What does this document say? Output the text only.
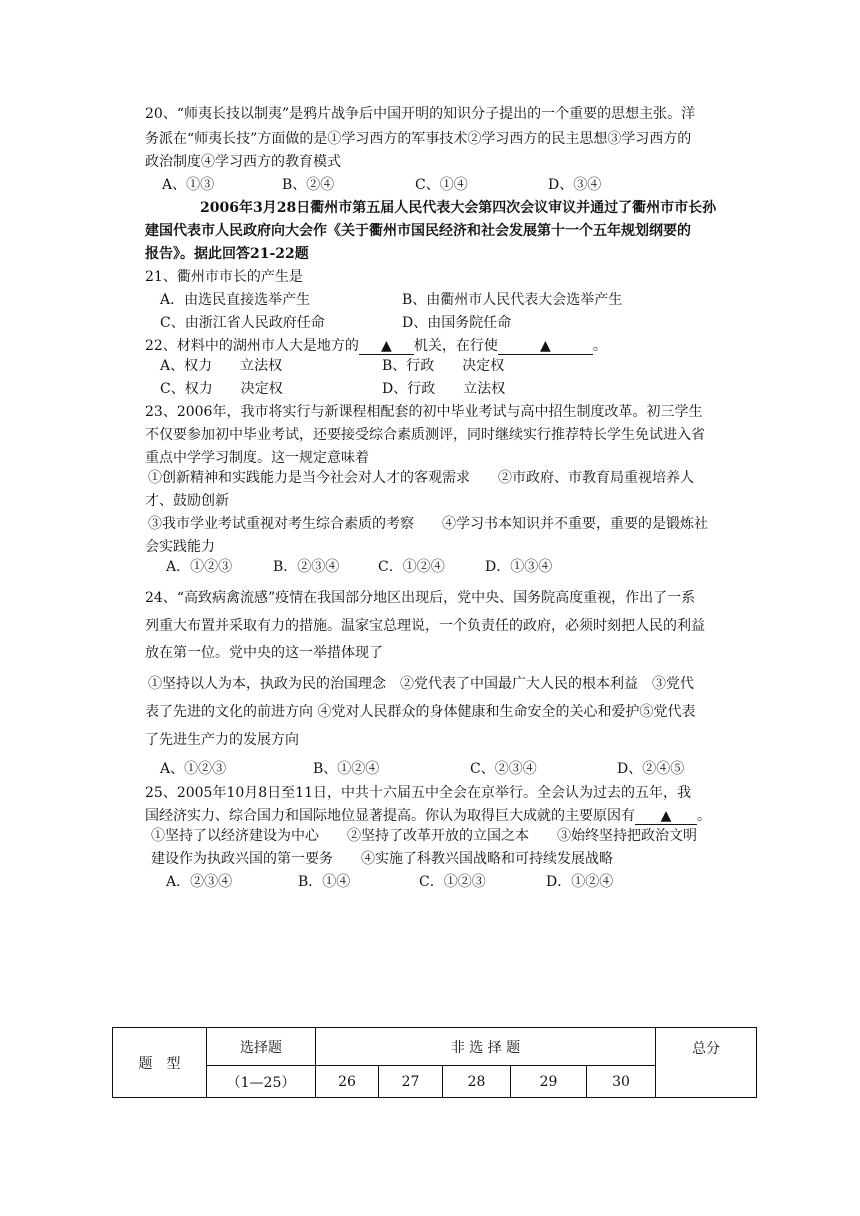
20、“师夷长技以制夷”是鸦片战争后中国开明的知识分子提出的一个重要的思想主张。洋
务派在“师夷长技”方面做的是①学习西方的军事技术②学习西方的民主思想③学习西方的
政治制度④学习西方的教育模式
A、①③	B、②④	C、①④	D、③④
2006年3月28日衢州市第五届人民代表大会第四次会议审议并通过了衢州市市长孙
建国代表市人民政府向大会作《关于衢州市国民经济和社会发展第十一个五年规划纲要的
报告》。据此回答21-22题
21、衢州市市长的产生是
A．由选民直接选举产生	B、由衢州市人民代表大会选举产生
C、由浙江省人民政府任命	D、由国务院任命
22、材料中的湖州市人大是地方的 ▲ 机关，在行使	▲	。
A、权力　　立法权	B、行政　　决定权
C、权力　　决定权	D、行政　　立法权
23、2006年，我市将实行与新课程相配套的初中毕业考试与高中招生制度改革。初三学生
不仅要参加初中毕业考试，还要接受综合素质测评，同时继续实行推荐特长学生免试进入省
重点中学学习制度。这一规定意味着
①创新精神和实践能力是当今社会对人才的客观需求　　②市政府、市教育局重视培养人
才、鼓励创新
③我市学业考试重视对考生综合素质的考察　　④学习书本知识并不重要，重要的是锻炼社
会实践能力
A．①②③	B．②③④	C．①②④	D．①③④
24、“高致病禽流感”疫情在我国部分地区出现后，党中央、国务院高度重视，作出了一系
列重大布置并采取有力的措施。温家宝总理说，一个负责任的政府，必须时刻把人民的利益
放在第一位。党中央的这一举措体现了
①坚持以人为本，执政为民的治国理念　②党代表了中国最广大人民的根本利益　③党代
表了先进的文化的前进方向 ④党对人民群众的身体健康和生命安全的关心和爱护⑤党代表
了先进生产力的发展方向
A、①②③	B、①②④	C、②③④	D、②④⑤
25、2005年10月8日至11日，中共十六届五中全会在京举行。全会认为过去的五年，我
国经济实力、综合国力和国际地位显著提高。你认为取得巨大成就的主要原因有 ▲ 。
①坚持了以经济建设为中心　　②坚持了改革开放的立国之本　　③始终坚持把政治文明
建设作为执政兴国的第一要务　　④实施了科教兴国战略和可持续发展战略
A．②③④	B．①④	C．①②③	D．①②④
题　型	选择题	非 选 择 题					总分
	（1—25）	26	27	28	29	30	
